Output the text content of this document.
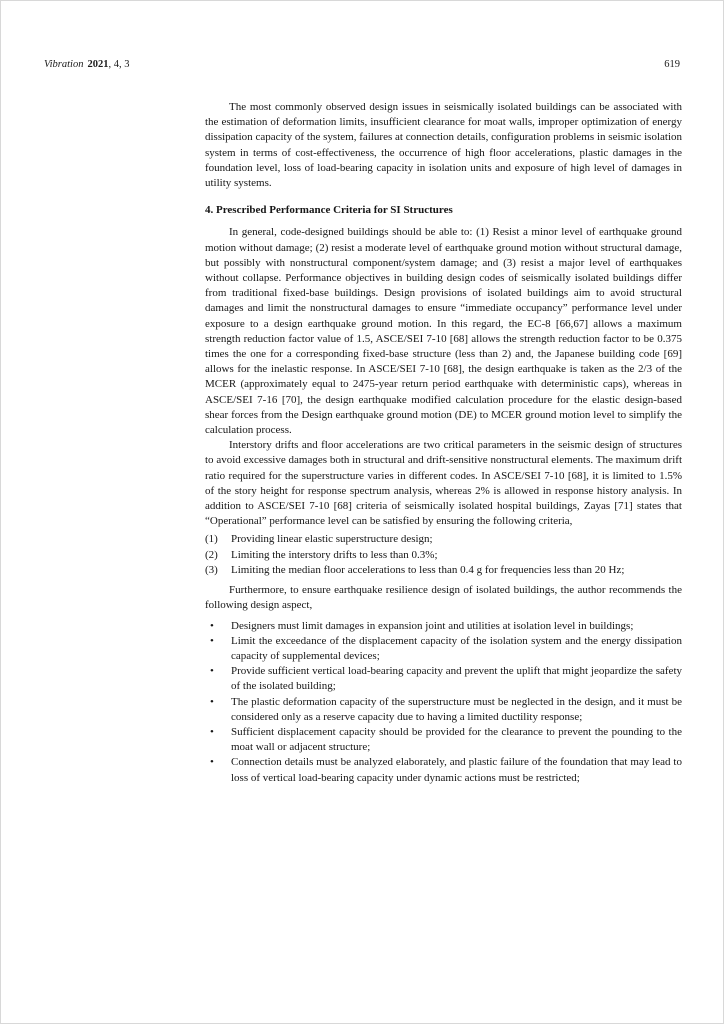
Vibration 2021, 4, 3	619

The most commonly observed design issues in seismically isolated buildings can be associated with the estimation of deformation limits, insufficient clearance for moat walls, improper optimization of energy dissipation capacity of the system, failures at connection details, configuration problems in seismic isolation system in terms of cost-effectiveness, the occurrence of high floor accelerations, plastic damages in the foundation level, loss of load-bearing capacity in isolation units and exposure of high level of damages in utility systems.

4. Prescribed Performance Criteria for SI Structures

In general, code-designed buildings should be able to: (1) Resist a minor level of earthquake ground motion without damage; (2) resist a moderate level of earthquake ground motion without structural damage, but possibly with nonstructural component/system damage; and (3) resist a major level of earthquakes without collapse. Performance objectives in building design codes of seismically isolated buildings differ from traditional fixed-base buildings. Design provisions of isolated buildings aim to avoid structural damages and limit the nonstructural damages to ensure “immediate occupancy” performance level under exposure to a design earthquake ground motion. In this regard, the EC-8 [66,67] allows a maximum strength reduction factor value of 1.5, ASCE/SEI 7-10 [68] allows the strength reduction factor to be 0.375 times the one for a corresponding fixed-base structure (less than 2) and, the Japanese building code [69] allows for the inelastic response. In ASCE/SEI 7-10 [68], the design earthquake is taken as the 2/3 of the MCER (approximately equal to 2475-year return period earthquake with deterministic caps), whereas in ASCE/SEI 7-16 [70], the design earthquake modified calculation procedure for the elastic design-based shear forces from the Design earthquake ground motion (DE) to MCER ground motion level to simplify the calculation process.

Interstory drifts and floor accelerations are two critical parameters in the seismic design of structures to avoid excessive damages both in structural and drift-sensitive nonstructural elements. The maximum drift ratio required for the superstructure varies in different codes. In ASCE/SEI 7-10 [68], it is limited to 1.5% of the story height for response spectrum analysis, whereas 2% is allowed in response history analysis. In addition to ASCE/SEI 7-10 [68] criteria of seismically isolated hospital buildings, Zayas [71] states that “Operational” performance level can be satisfied by ensuring the following criteria,

(1) Providing linear elastic superstructure design;
(2) Limiting the interstory drifts to less than 0.3%;
(3) Limiting the median floor accelerations to less than 0.4 g for frequencies less than 20 Hz;

Furthermore, to ensure earthquake resilience design of isolated buildings, the author recommends the following design aspect,

• Designers must limit damages in expansion joint and utilities at isolation level in buildings;
• Limit the exceedance of the displacement capacity of the isolation system and the energy dissipation capacity of supplemental devices;
• Provide sufficient vertical load-bearing capacity and prevent the uplift that might jeopardize the safety of the isolated building;
• The plastic deformation capacity of the superstructure must be neglected in the design, and it must be considered only as a reserve capacity due to having a limited ductility response;
• Sufficient displacement capacity should be provided for the clearance to prevent the pounding to the moat wall or adjacent structure;
• Connection details must be analyzed elaborately, and plastic failure of the foundation that may lead to loss of vertical load-bearing capacity under dynamic actions must be restricted;
